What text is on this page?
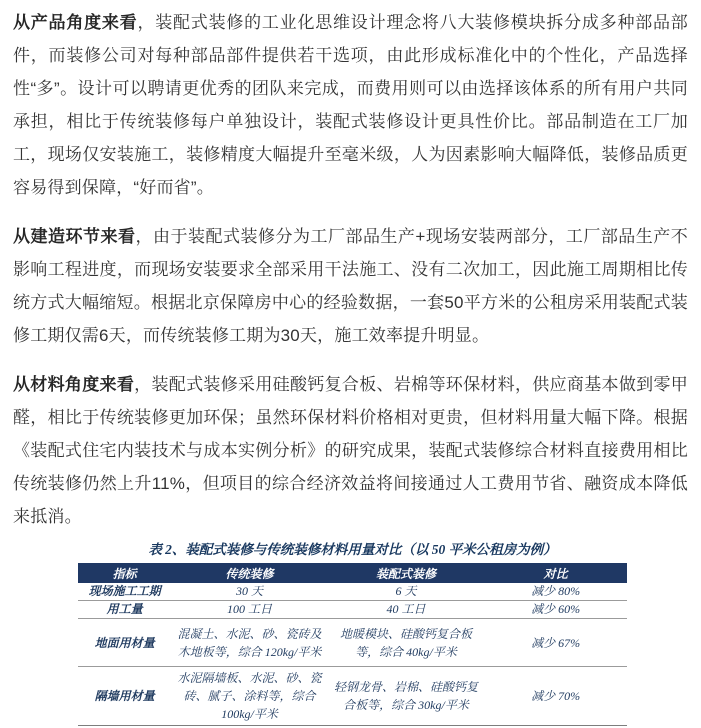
从产品角度来看，装配式装修的工业化思维设计理念将八大装修模块拆分成多种部品部件，而装修公司对每种部品部件提供若干选项，由此形成标准化中的个性化，产品选择性“多”。设计可以聘请更优秀的团队来完成，而费用则可以由选择该体系的所有用户共同承担，相比于传统装修每户单独设计，装配式装修设计更具性价比。部品制造在工厂加工，现场仅安装施工，装修精度大幅提升至毫米级，人为因素影响大幅降低，装修品质更容易得到保障，“好而省”。

从建造环节来看，由于装配式装修分为工厂部品生产+现场安装两部分，工厂部品生产不影响工程进度，而现场安装要求全部采用干法施工、没有二次加工，因此施工周期相比传统方式大幅缩短。根据北京保障房中心的经验数据，一套50平方米的公租房采用装配式装修工期仅需6天，而传统装修工期为30天，施工效率提升明显。

从材料角度来看，装配式装修采用硅酸钙复合板、岩棉等环保材料，供应商基本做到零甲醛，相比于传统装修更加环保；虽然环保材料价格相对更贵，但材料用量大幅下降。根据《装配式住宅内装技术与成本实例分析》的研究成果，装配式装修综合材料直接费用相比传统装修仍然上升11%，但项目的综合经济效益将间接通过人工费用节省、融资成本降低来抵消。

表 2、装配式装修与传统装修材料用量对比（以 50 平米公租房为例）
指标	传统装修	装配式装修	对比
现场施工工期	30 天	6 天	减少 80%
用工量	100 工日	40 工日	减少 60%
地面用材量	混凝土、水泥、砂、瓷砖及木地板等，综合 120kg/平米	地暖模块、硅酸钙复合板等，综合 40kg/平米	减少 67%
隔墙用材量	水泥隔墙板、水泥、砂、瓷砖、腻子、涂料等，综合 100kg/平米	轻钢龙骨、岩棉、硅酸钙复合板等，综合 30kg/平米	减少 70%
